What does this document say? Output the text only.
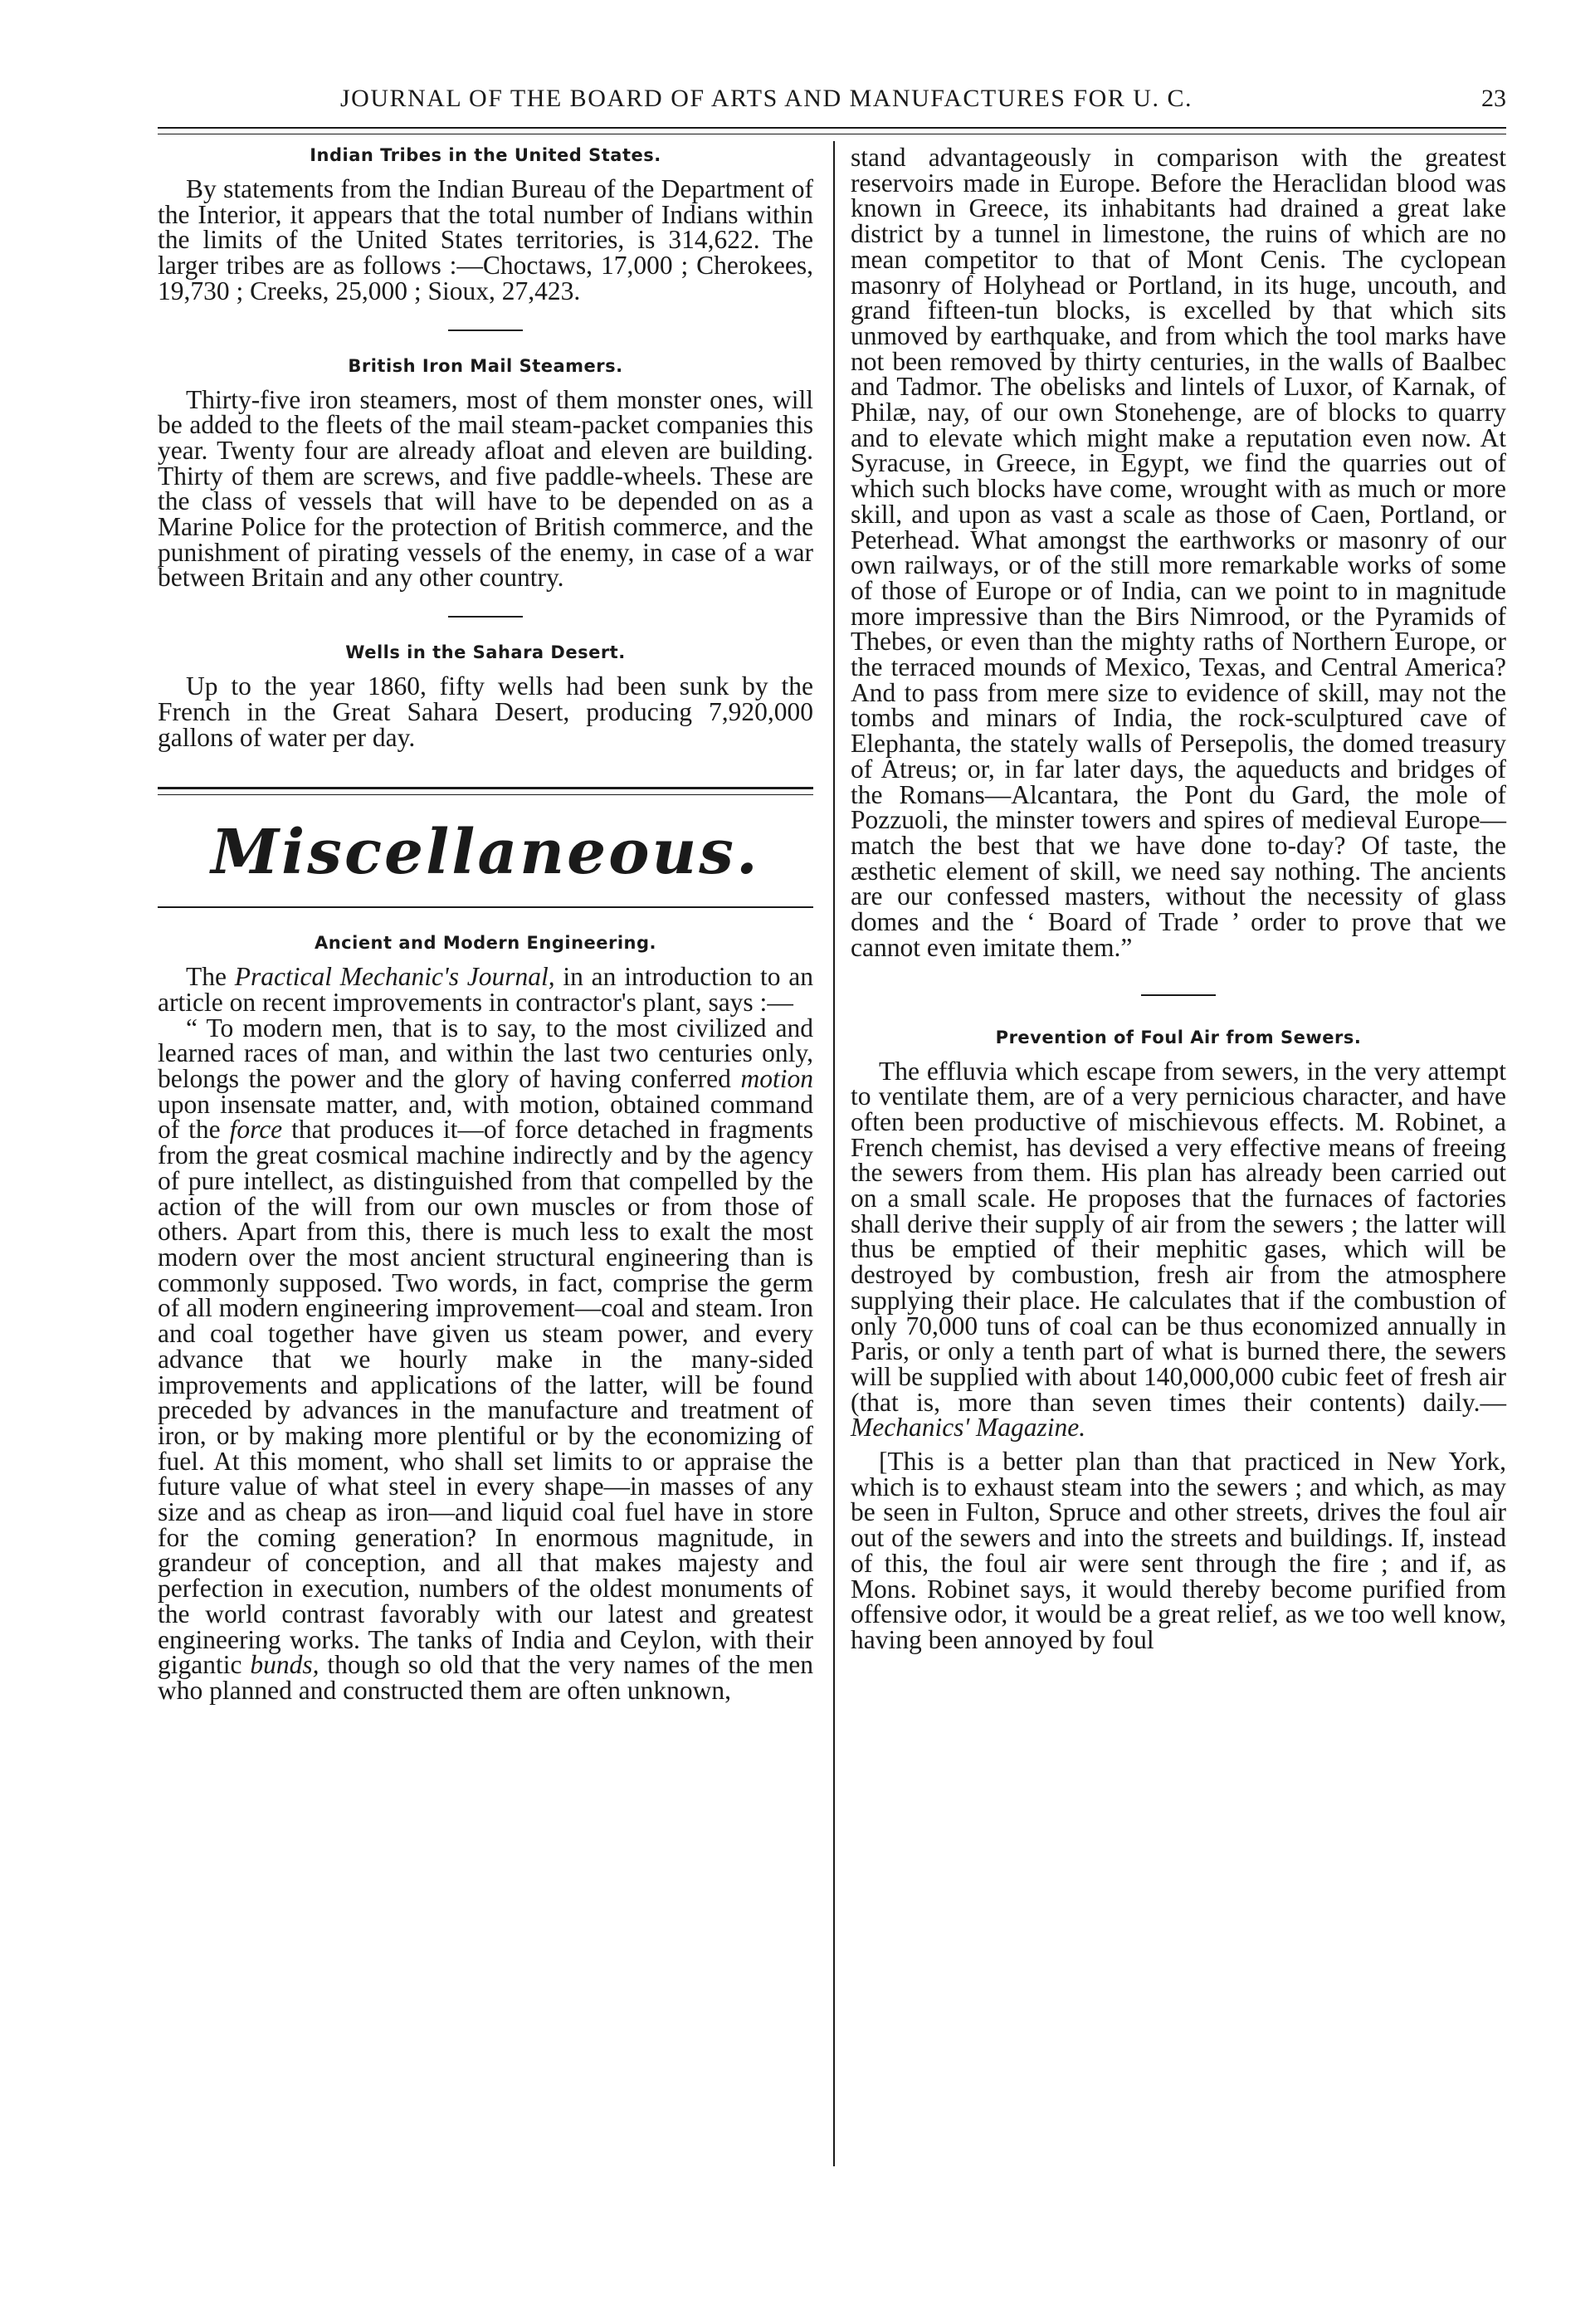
JOURNAL OF THE BOARD OF ARTS AND MANUFACTURES FOR U. C.	23
Indian Tribes in the United States.

By statements from the Indian Bureau of the Department of the Interior, it appears that the total number of Indians within the limits of the United States territories, is 314,622. The larger tribes are as follows :—Choctaws, 17,000 ; Cherokees, 19,730 ; Creeks, 25,000 ; Sioux, 27,423.

British Iron Mail Steamers.

Thirty-five iron steamers, most of them monster ones, will be added to the fleets of the mail steam-packet companies this year. Twenty four are already afloat and eleven are building. Thirty of them are screws, and five paddle-wheels. These are the class of vessels that will have to be depended on as a Marine Police for the protection of British commerce, and the punishment of pirating vessels of the enemy, in case of a war between Britain and any other country.

Wells in the Sahara Desert.

Up to the year 1860, fifty wells had been sunk by the French in the Great Sahara Desert, producing 7,920,000 gallons of water per day.

Miscellaneous.
Ancient and Modern Engineering.

The Practical Mechanic's Journal, in an introduction to an article on recent improvements in contractor's plant, says :—

“ To modern men, that is to say, to the most civilized and learned races of man, and within the last two centuries only, belongs the power and the glory of having conferred motion upon insensate matter, and, with motion, obtained command of the force that produces it—of force detached in fragments from the great cosmical machine indirectly and by the agency of pure intellect, as distinguished from that compelled by the action of the will from our own muscles or from those of others. Apart from this, there is much less to exalt the most modern over the most ancient structural engineering than is commonly supposed. Two words, in fact, comprise the germ of all modern engineering improvement—coal and steam. Iron and coal together have given us steam power, and every advance that we hourly make in the many-sided improvements and applications of the latter, will be found preceded by advances in the manufacture and treatment of iron, or by making more plentiful or by the economizing of fuel. At this moment, who shall set limits to or appraise the future value of what steel in every shape—in masses of any size and as cheap as iron—and liquid coal fuel have in store for the coming generation? In enormous magnitude, in grandeur of conception, and all that makes majesty and perfection in execution, numbers of the oldest monuments of the world contrast favorably with our latest and greatest engineering works. The tanks of India and Ceylon, with their gigantic bunds, though so old that the very names of the men who planned and constructed them are often unknown,

stand advantageously in comparison with the greatest reservoirs made in Europe. Before the Heraclidan blood was known in Greece, its inhabitants had drained a great lake district by a tunnel in limestone, the ruins of which are no mean competitor to that of Mont Cenis. The cyclopean masonry of Holyhead or Portland, in its huge, uncouth, and grand fifteen-tun blocks, is excelled by that which sits unmoved by earthquake, and from which the tool marks have not been removed by thirty centuries, in the walls of Baalbec and Tadmor. The obelisks and lintels of Luxor, of Karnak, of Philæ, nay, of our own Stonehenge, are of blocks to quarry and to elevate which might make a reputation even now. At Syracuse, in Greece, in Egypt, we find the quarries out of which such blocks have come, wrought with as much or more skill, and upon as vast a scale as those of Caen, Portland, or Peterhead. What amongst the earthworks or masonry of our own railways, or of the still more remarkable works of some of those of Europe or of India, can we point to in magnitude more impressive than the Birs Nimrood, or the Pyramids of Thebes, or even than the mighty raths of Northern Europe, or the terraced mounds of Mexico, Texas, and Central America? And to pass from mere size to evidence of skill, may not the tombs and minars of India, the rock-sculptured cave of Elephanta, the stately walls of Persepolis, the domed treasury of Atreus; or, in far later days, the aqueducts and bridges of the Romans—Alcantara, the Pont du Gard, the mole of Pozzuoli, the minster towers and spires of medieval Europe—match the best that we have done to-day? Of taste, the æsthetic element of skill, we need say nothing. The ancients are our confessed masters, without the necessity of glass domes and the ‘ Board of Trade ’ order to prove that we cannot even imitate them.”

Prevention of Foul Air from Sewers.

The effluvia which escape from sewers, in the very attempt to ventilate them, are of a very pernicious character, and have often been productive of mischievous effects. M. Robinet, a French chemist, has devised a very effective means of freeing the sewers from them. His plan has already been carried out on a small scale. He proposes that the furnaces of factories shall derive their supply of air from the sewers ; the latter will thus be emptied of their mephitic gases, which will be destroyed by combustion, fresh air from the atmosphere supplying their place. He calculates that if the combustion of only 70,000 tuns of coal can be thus economized annually in Paris, or only a tenth part of what is burned there, the sewers will be supplied with about 140,000,000 cubic feet of fresh air (that is, more than seven times their contents) daily.—Mechanics' Magazine.

[This is a better plan than that practiced in New York, which is to exhaust steam into the sewers ; and which, as may be seen in Fulton, Spruce and other streets, drives the foul air out of the sewers and into the streets and buildings. If, instead of this, the foul air were sent through the fire ; and if, as Mons. Robinet says, it would thereby become purified from offensive odor, it would be a great relief, as we too well know, having been annoyed by foul
